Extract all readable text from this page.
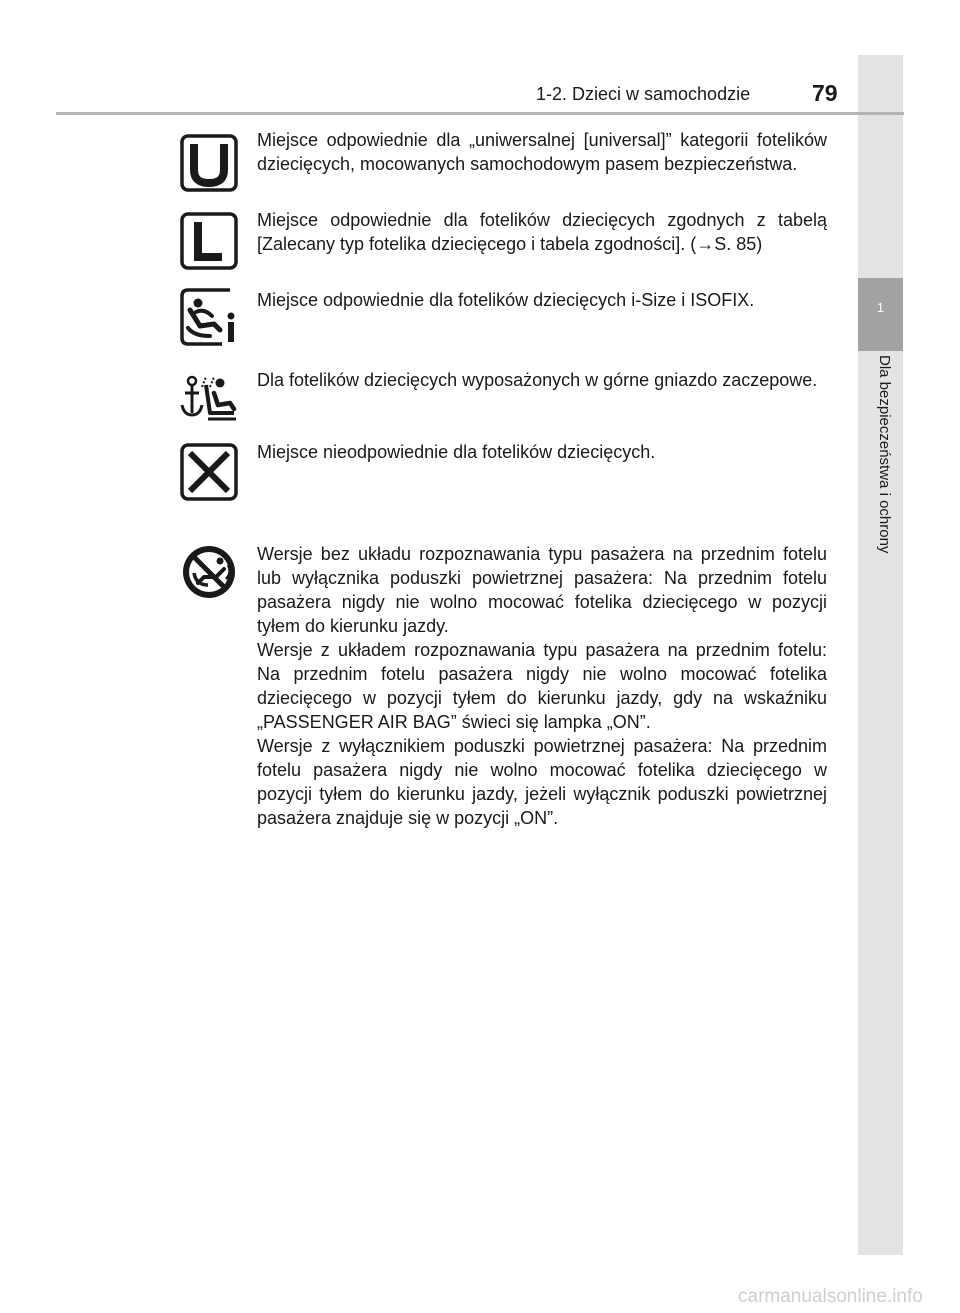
1
Dla bezpieczeństwa i ochrony
1-2. Dzieci w samochodzie	79

Miejsce odpowiednie dla „uniwersalnej [universal]” kategorii fotelików dziecięcych, mocowanych samochodowym pasem bezpieczeństwa.

Miejsce odpowiednie dla fotelików dziecięcych zgodnych z tabelą [Zalecany typ fotelika dziecięcego i tabela zgodności]. (→S. 85)

Miejsce odpowiednie dla fotelików dziecięcych i-Size i ISOFIX.

Dla fotelików dziecięcych wyposażonych w górne gniazdo zaczepowe.

Miejsce nieodpowiednie dla fotelików dziecięcych.

Wersje bez układu rozpoznawania typu pasażera na przednim fotelu lub wyłącznika poduszki powietrznej pasażera: Na przednim fotelu pasażera nigdy nie wolno mocować fotelika dziecięcego w pozycji tyłem do kierunku jazdy.

Wersje z układem rozpoznawania typu pasażera na przednim fotelu: Na przednim fotelu pasażera nigdy nie wolno mocować fotelika dziecięcego w pozycji tyłem do kierunku jazdy, gdy na wskaźniku „PASSENGER AIR BAG” świeci się lampka „ON”.

Wersje z wyłącznikiem poduszki powietrznej pasażera: Na przednim fotelu pasażera nigdy nie wolno mocować fotelika dziecięcego w pozycji tyłem do kierunku jazdy, jeżeli wyłącznik poduszki powietrznej pasażera znajduje się w pozycji „ON”.

carmanualsonline.info
